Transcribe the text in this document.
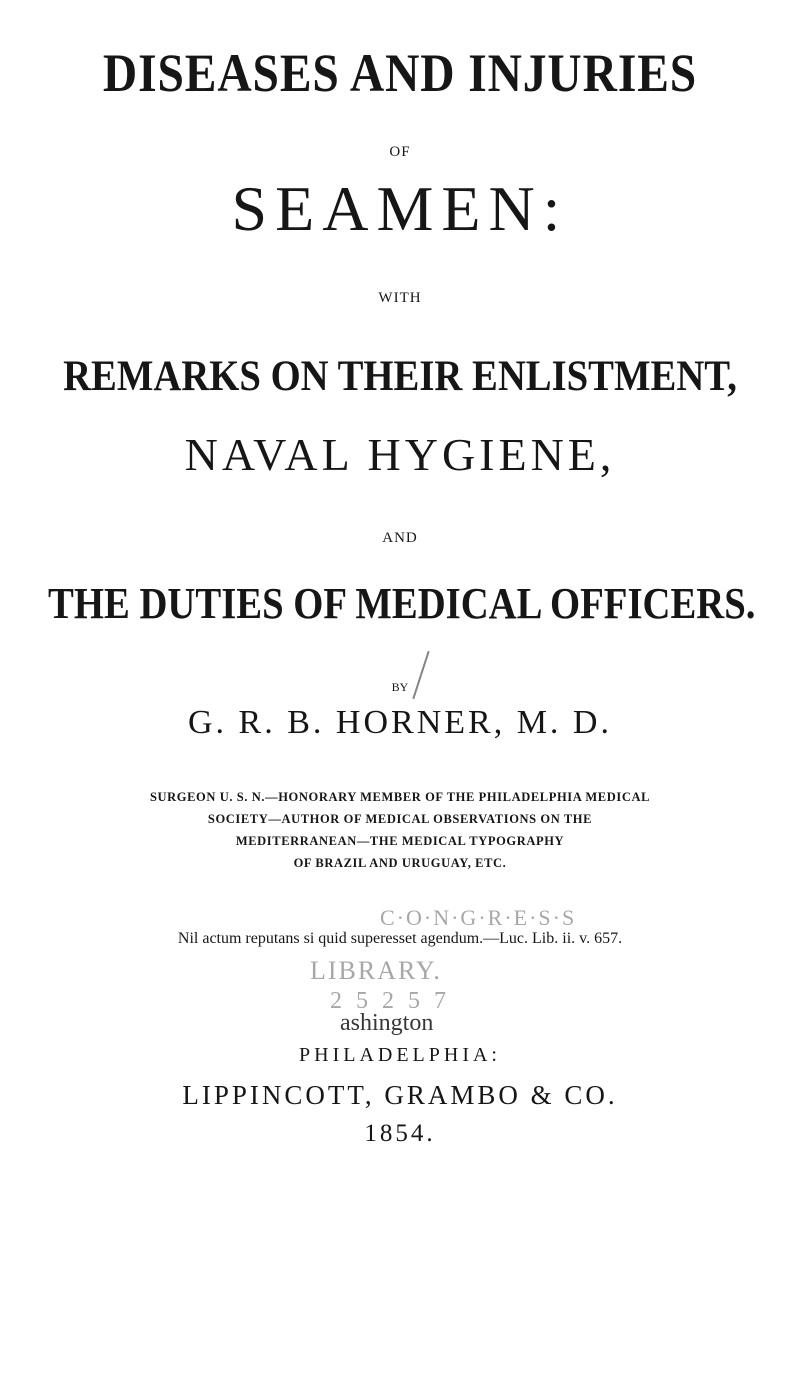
DISEASES AND INJURIES
OF
SEAMEN:
WITH
REMARKS ON THEIR ENLISTMENT,
NAVAL HYGIENE,
AND
THE DUTIES OF MEDICAL OFFICERS.
BY
G. R. B. HORNER, M. D.
SURGEON U. S. N.—HONORARY MEMBER OF THE PHILADELPHIA MEDICAL
SOCIETY—AUTHOR OF MEDICAL OBSERVATIONS ON THE
MEDITERRANEAN—THE MEDICAL TYPOGRAPHY
OF BRAZIL AND URUGUAY, ETC.
C·O·N·G·R·E·S·S
Nil actum reputans si quid superesset agendum.—Luc. Lib. ii. v. 657.
LIBRARY.
2 5 2 5 7
ashington
PHILADELPHIA:
LIPPINCOTT, GRAMBO & CO.
1854.
